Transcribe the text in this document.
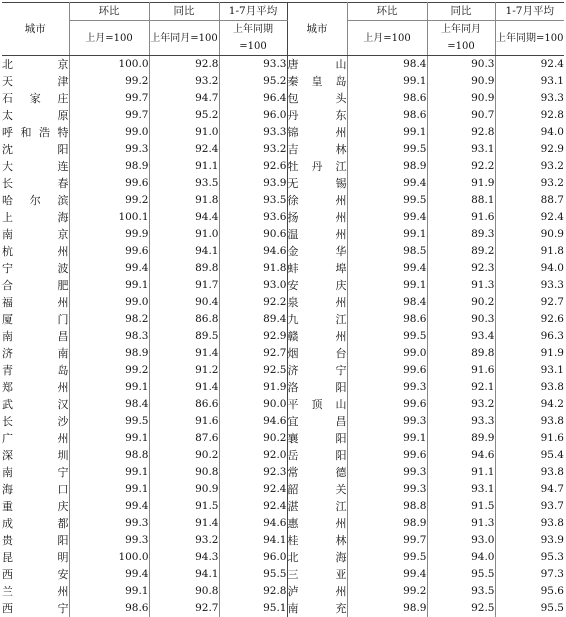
城市	环比	同比	1-7月平均	城市	环比	同比	1-7月平均
	上月=100	上年同月=100	上年同期=100		上月=100	上年同月=100	上年同期=100
北　京	100.0	92.8	93.3	唐　山	98.4	90.3	92.4
天　津	99.2	93.2	95.2	秦皇岛	99.1	90.9	93.1
石家庄	99.7	94.7	96.4	包　头	98.6	90.9	93.3
太　原	99.7	95.2	96.0	丹　东	98.6	90.7	92.8
呼和浩特	99.0	91.0	93.3	锦　州	99.1	92.8	94.0
沈　阳	99.3	92.4	93.2	吉　林	99.5	93.1	92.9
大　连	98.9	91.1	92.6	牡丹江	98.9	92.2	93.2
长　春	99.6	93.5	93.9	无　锡	99.4	91.9	93.2
哈尔滨	99.2	91.8	93.5	徐　州	99.5	88.1	88.7
上　海	100.1	94.4	93.6	扬　州	99.4	91.6	92.4
南　京	99.9	91.0	90.6	温　州	99.1	89.3	90.9
杭　州	99.6	94.1	94.6	金　华	98.5	89.2	91.8
宁　波	99.4	89.8	91.8	蚌　埠	99.4	92.3	94.0
合　肥	99.1	91.7	93.0	安　庆	99.1	91.3	93.3
福　州	99.0	90.4	92.2	泉　州	98.4	90.2	92.7
厦　门	98.2	86.8	89.4	九　江	98.6	90.3	92.6
南　昌	98.3	89.5	92.9	赣　州	99.5	93.4	96.3
济　南	98.9	91.4	92.7	烟　台	99.0	89.8	91.9
青　岛	99.2	91.2	92.5	济　宁	99.6	91.6	93.1
郑　州	99.1	91.4	91.9	洛　阳	99.3	92.1	93.8
武　汉	98.4	86.6	90.0	平顶山	99.6	93.2	94.2
长　沙	99.5	91.6	94.6	宜　昌	99.3	93.3	93.8
广　州	99.1	87.6	90.2	襄　阳	99.1	89.9	91.6
深　圳	98.8	90.2	92.0	岳　阳	99.6	94.6	95.4
南　宁	99.1	90.8	92.3	常　德	99.3	91.1	93.8
海　口	99.1	90.9	92.4	韶　关	99.3	93.1	94.7
重　庆	99.4	91.5	92.4	湛　江	98.8	91.5	93.7
成　都	99.3	91.4	94.6	惠　州	98.9	91.3	93.8
贵　阳	99.3	93.2	94.1	桂　林	99.7	93.0	93.9
昆　明	100.0	94.3	96.0	北　海	99.5	94.0	95.3
西　安	99.4	94.1	95.5	三　亚	99.4	95.5	97.3
兰　州	99.1	90.8	92.8	泸　州	99.2	93.5	95.6
西　宁	98.6	92.7	95.1	南　充	98.9	92.5	95.5
